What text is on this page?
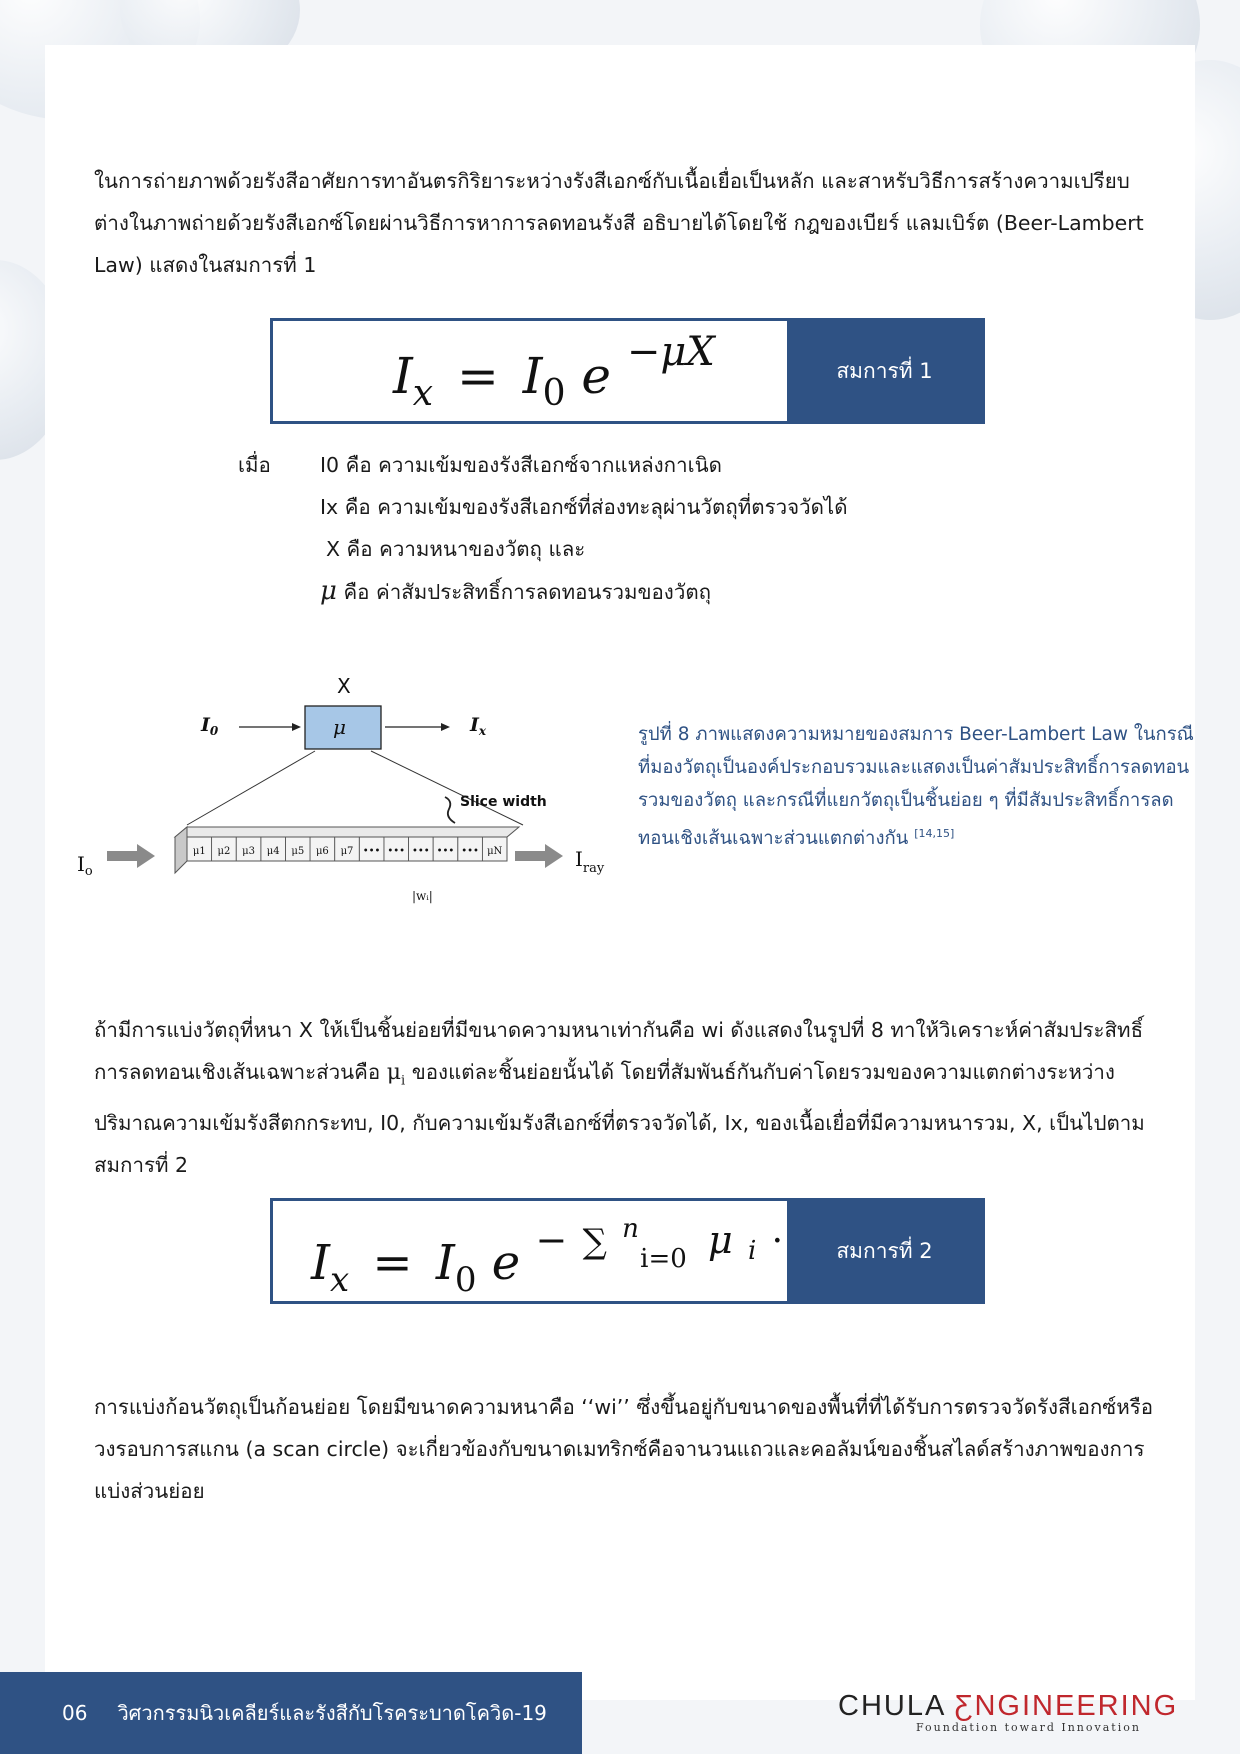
ในการถ่ายภาพด้วยรังสีอาศัยการทาอันตรกิริยาระหว่างรังสีเอกซ์กับเนื้อเยื่อเป็นหลัก และสาหรับวิธีการสร้างความเปรียบต่างในภาพถ่ายด้วยรังสีเอกซ์โดยผ่านวิธีการหาการลดทอนรังสี อธิบายได้โดยใช้ กฎของเบียร์ แลมเบิร์ต (Beer-Lambert Law) แสดงในสมการที่ 1

$I_x = I_0$ e $^{-\mu X}$	สมการที่ 1
เมื่อ I0 คือ ความเข้มของรังสีเอกซ์จากแหล่งกาเนิด
Ix คือ ความเข้มของรังสีเอกซ์ที่ส่องทะลุผ่านวัตถุที่ตรวจวัดได้
X คือ ความหนาของวัตถุ และ
μ คือ ค่าสัมประสิทธิ์การลดทอนรวมของวัตถุ
X
$I_0$	μ	$I_x$
μ1 μ2 μ3 μ4 μ5 μ6 μ7 ••• ••• ••• ••• ••• μN
Slice width
$I_o$
$I_{ray}$
|wᵢ|
รูปที่ 8 ภาพแสดงความหมายของสมการ Beer-Lambert Law ในกรณีที่มองวัตถุเป็นองค์ประกอบรวมและแสดงเป็นค่าสัมประสิทธิ์การลดทอนรวมของวัตถุ และกรณีที่แยกวัตถุเป็นชิ้นย่อย ๆ ที่มีสัมประสิทธิ์การลดทอนเชิงเส้นเฉพาะส่วนแตกต่างกัน [14,15]

ถ้ามีการแบ่งวัตถุที่หนา X ให้เป็นชิ้นย่อยที่มีขนาดความหนาเท่ากันคือ wi ดังแสดงในรูปที่ 8 ทาให้วิเคราะห์ค่าสัมประสิทธิ์การลดทอนเชิงเส้นเฉพาะส่วนคือ $\mu_i$ ของแต่ละชิ้นย่อยนั้นได้ โดยที่สัมพันธ์กันกับค่าโดยรวมของความแตกต่างระหว่างปริมาณความเข้มรังสีตกกระทบ, I0, กับความเข้มรังสีเอกซ์ที่ตรวจวัดได้, Ix, ของเนื้อเยื่อที่มีความหนารวม, X, เป็นไปตามสมการที่ 2

$I_x = I_0$ e − ∑ $^n$ i=0 $^\mu$ i ·	สมการที่ 2

การแบ่งก้อนวัตถุเป็นก้อนย่อย โดยมีขนาดความหนาคือ ‘‘wi’’ ซึ่งขึ้นอยู่กับขนาดของพื้นที่ที่ได้รับการตรวจวัดรังสีเอกซ์หรือวงรอบการสแกน (a scan circle) จะเกี่ยวข้องกับขนาดเมทริกซ์คือจานวนแถวและคอลัมน์ของชิ้นสไลด์สร้างภาพของการแบ่งส่วนย่อย

06 วิศวกรรมนิวเคลียร์และรังสีกับโรคระบาดโควิด-19	CHULA ƸNGINEERING
Foundation toward Innovation
